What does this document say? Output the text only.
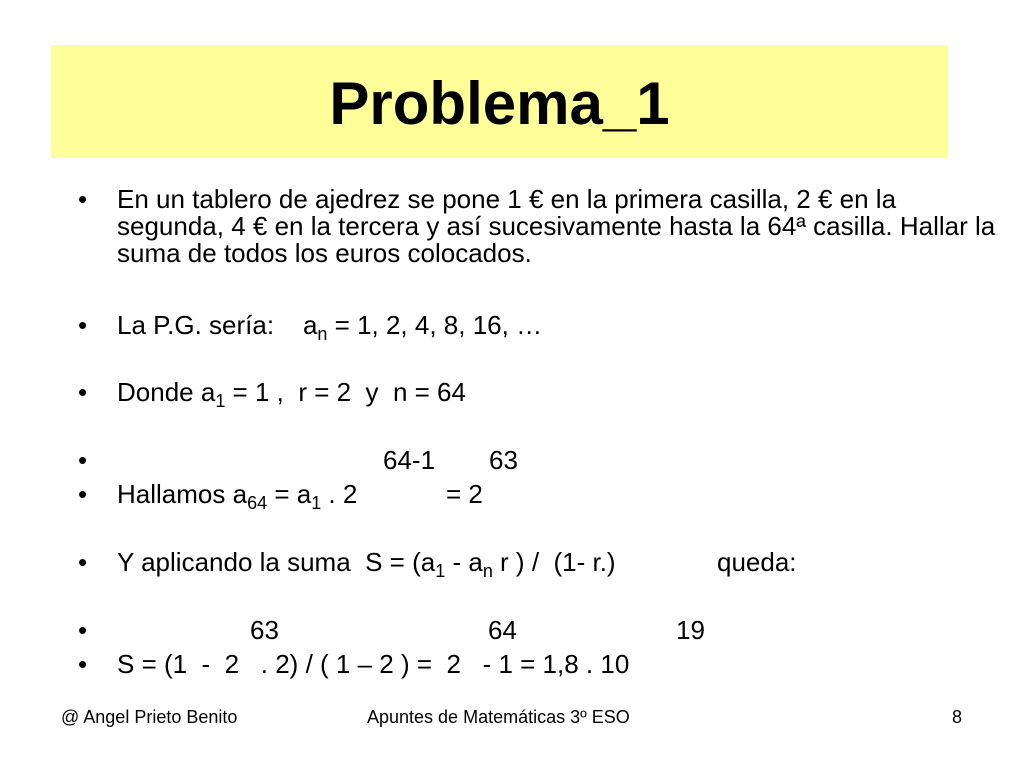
Problema_1
• En un tablero de ajedrez se pone 1 € en la primera casilla, 2 € en la segunda, 4 € en la tercera y así sucesivamente hasta la 64ª casilla. Hallar la suma de todos los euros colocados.
• La P.G. sería:    $a_n = 1$, 2, 4, 8, 16, …
• Donde $a_1 = 1$ ,  r = 2  y  n = 64
•	64-1 63
• Hallamos $a_{64} = a_1$ . 2	= 2
• Y aplicando la suma  $S = (a_1 - a_n$ r ) /  (1- r.)	queda:
•	63	64	19
• S = (1  -  2   . 2) / ( 1 – 2 ) =  2   - 1 = 1,8 . 10
@ Angel Prieto Benito	Apuntes de Matemáticas 3º ESO	8
